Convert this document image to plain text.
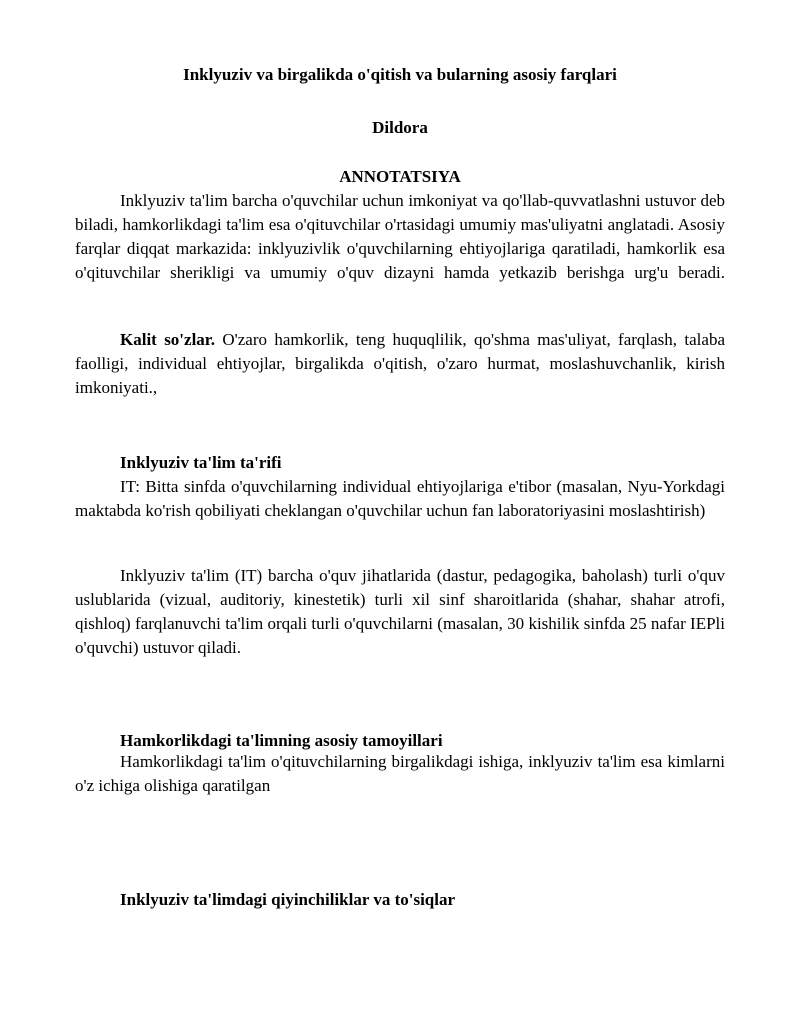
Inklyuziv va birgalikda o'qitish va bularning asosiy farqlari

Dildora

ANNOTATSIYA

Inklyuziv ta'lim barcha o'quvchilar uchun imkoniyat va qo'llab-quvvatlashni ustuvor deb biladi, hamkorlikdagi ta'lim esa o'qituvchilar o'rtasidagi umumiy mas'uliyatni anglatadi. Asosiy farqlar diqqat markazida: inklyuzivlik o'quvchilarning ehtiyojlariga qaratiladi, hamkorlik esa o'qituvchilar sherikligi va umumiy o'quv dizayni hamda yetkazib berishga urg'u beradi.

Kalit so'zlar. O'zaro hamkorlik, teng huquqlilik, qo'shma mas'uliyat, farqlash, talaba faolligi, individual ehtiyojlar, birgalikda o'qitish, o'zaro hurmat, moslashuvchanlik, kirish imkoniyati.,

Inklyuziv ta'lim ta'rifi

IT: Bitta sinfda o'quvchilarning individual ehtiyojlariga e'tibor (masalan, Nyu-Yorkdagi maktabda ko'rish qobiliyati cheklangan o'quvchilar uchun fan laboratoriyasini moslashtirish)

Inklyuziv ta'lim (IT) barcha o'quv jihatlarida (dastur, pedagogika, baholash) turli o'quv uslublarida (vizual, auditoriy, kinestetik) turli xil sinf sharoitlarida (shahar, shahar atrofi, qishloq) farqlanuvchi ta'lim orqali turli o'quvchilarni (masalan, 30 kishilik sinfda 25 nafar IEPli o'quvchi) ustuvor qiladi.

Hamkorlikdagi ta'limning asosiy tamoyillari

Hamkorlikdagi ta'lim o'qituvchilarning birgalikdagi ishiga, inklyuziv ta'lim esa kimlarni o'z ichiga olishiga qaratilgan

Inklyuziv ta'limdagi qiyinchiliklar va to'siqlar
